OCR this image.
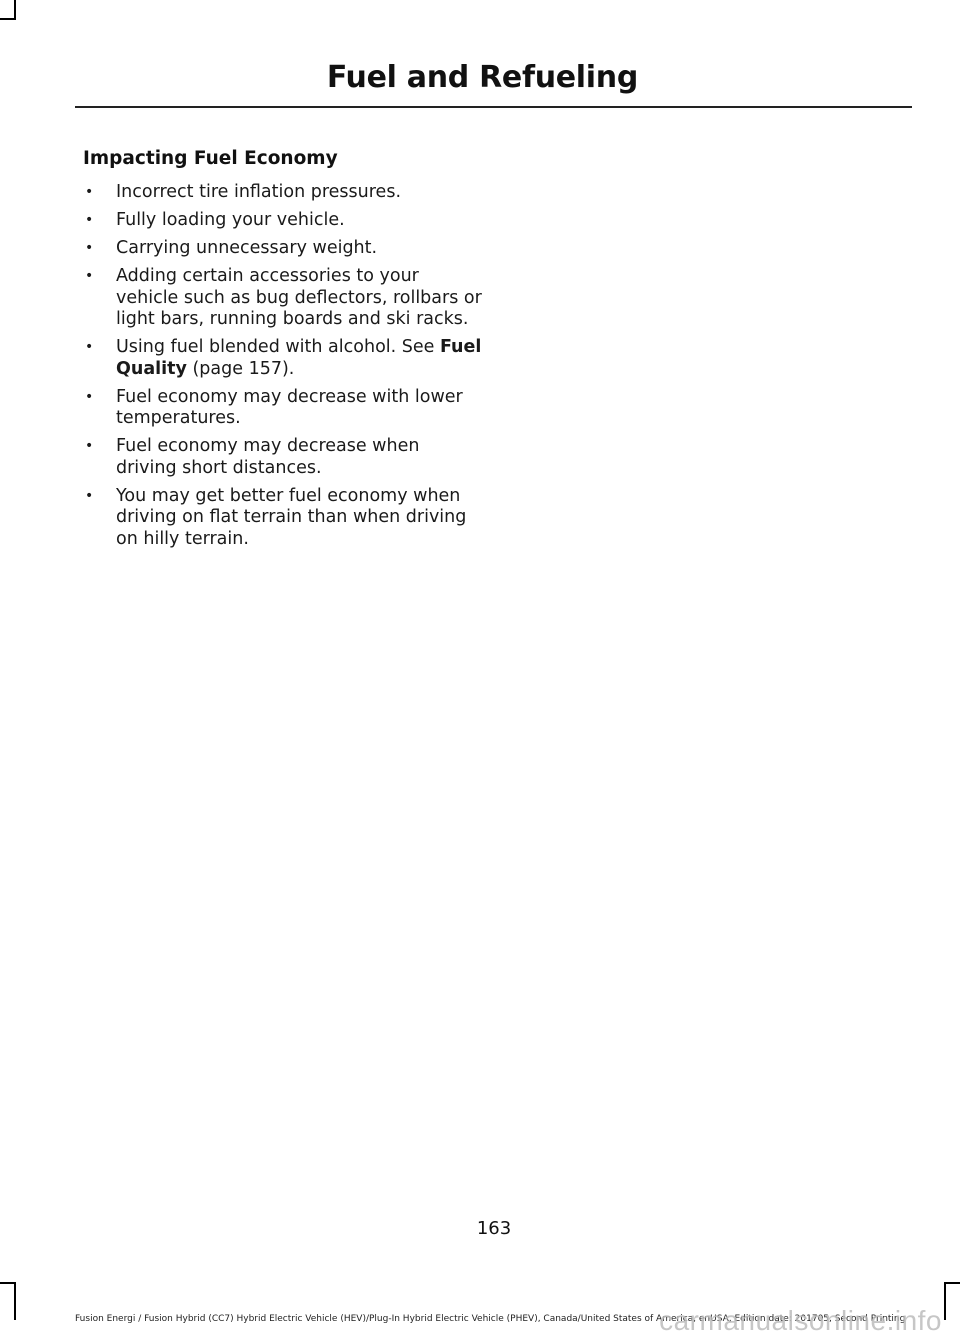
Fuel and Refueling
Impacting Fuel Economy
• Incorrect tire inflation pressures.
• Fully loading your vehicle.
• Carrying unnecessary weight.
• Adding certain accessories to your vehicle such as bug deflectors, rollbars or light bars, running boards and ski racks.
• Using fuel blended with alcohol. See Fuel Quality (page 157).
• Fuel economy may decrease with lower temperatures.
• Fuel economy may decrease when driving short distances.
• You may get better fuel economy when driving on flat terrain than when driving on hilly terrain.
163
Fusion Energi / Fusion Hybrid (CC7) Hybrid Electric Vehicle (HEV)/Plug-In Hybrid Electric Vehicle (PHEV), Canada/United States of America, enUSA, Edition date: 201705, Second Printing
carmanualsonline.info
